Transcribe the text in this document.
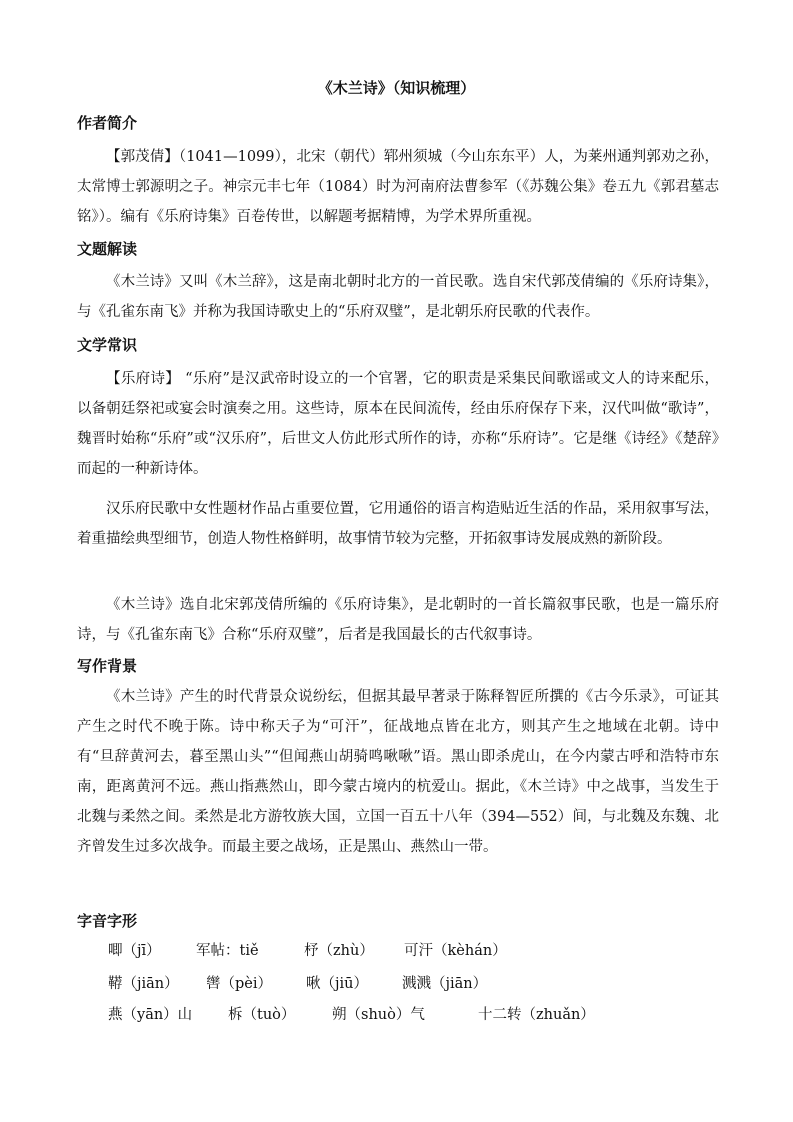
《木兰诗》（知识梳理）
作者简介
【郭茂倩】（1041—1099），北宋（朝代）郓州须城（今山东东平）人，为莱州通判郭劝之孙，太常博士郭源明之子。神宗元丰七年（1084）时为河南府法曹参军（《苏魏公集》卷五九《郭君墓志铭》）。编有《乐府诗集》百卷传世，以解题考据精博，为学术界所重视。
文题解读
《木兰诗》又叫《木兰辞》，这是南北朝时北方的一首民歌。选自宋代郭茂倩编的《乐府诗集》，与《孔雀东南飞》并称为我国诗歌史上的“乐府双璧”，是北朝乐府民歌的代表作。
文学常识
【乐府诗】 “乐府”是汉武帝时设立的一个官署，它的职责是采集民间歌谣或文人的诗来配乐，以备朝廷祭祀或宴会时演奏之用。这些诗，原本在民间流传，经由乐府保存下来，汉代叫做“歌诗”，魏晋时始称“乐府”或“汉乐府”，后世文人仿此形式所作的诗，亦称“乐府诗”。它是继《诗经》《楚辞》而起的一种新诗体。
汉乐府民歌中女性题材作品占重要位置，它用通俗的语言构造贴近生活的作品，采用叙事写法，着重描绘典型细节，创造人物性格鲜明，故事情节较为完整，开拓叙事诗发展成熟的新阶段。
《木兰诗》选自北宋郭茂倩所编的《乐府诗集》，是北朝时的一首长篇叙事民歌，也是一篇乐府诗，与《孔雀东南飞》合称“乐府双璧”，后者是我国最长的古代叙事诗。
写作背景
《木兰诗》产生的时代背景众说纷纭，但据其最早著录于陈释智匠所撰的《古今乐录》，可证其产生之时代不晚于陈。诗中称天子为“可汗”，征战地点皆在北方，则其产生之地域在北朝。诗中有“旦辞黄河去，暮至黑山头”“但闻燕山胡骑鸣啾啾”语。黑山即杀虎山，在今内蒙古呼和浩特市东南，距离黄河不远。燕山指燕然山，即今蒙古境内的杭爱山。据此，《木兰诗》中之战事，当发生于北魏与柔然之间。柔然是北方游牧族大国，立国一百五十八年（394—552）间，与北魏及东魏、北齐曾发生过多次战争。而最主要之战场，正是黑山、燕然山一带。
字音字形
唧（jī） 军帖：tiě	杼（zhù） 可汗（kèhán）
鞯（jiān） 辔（pèi） 啾（jiū） 溅溅（jiān）
燕（yān）山 柝（tuò）	朔（shuò）气	十二转（zhuǎn）
